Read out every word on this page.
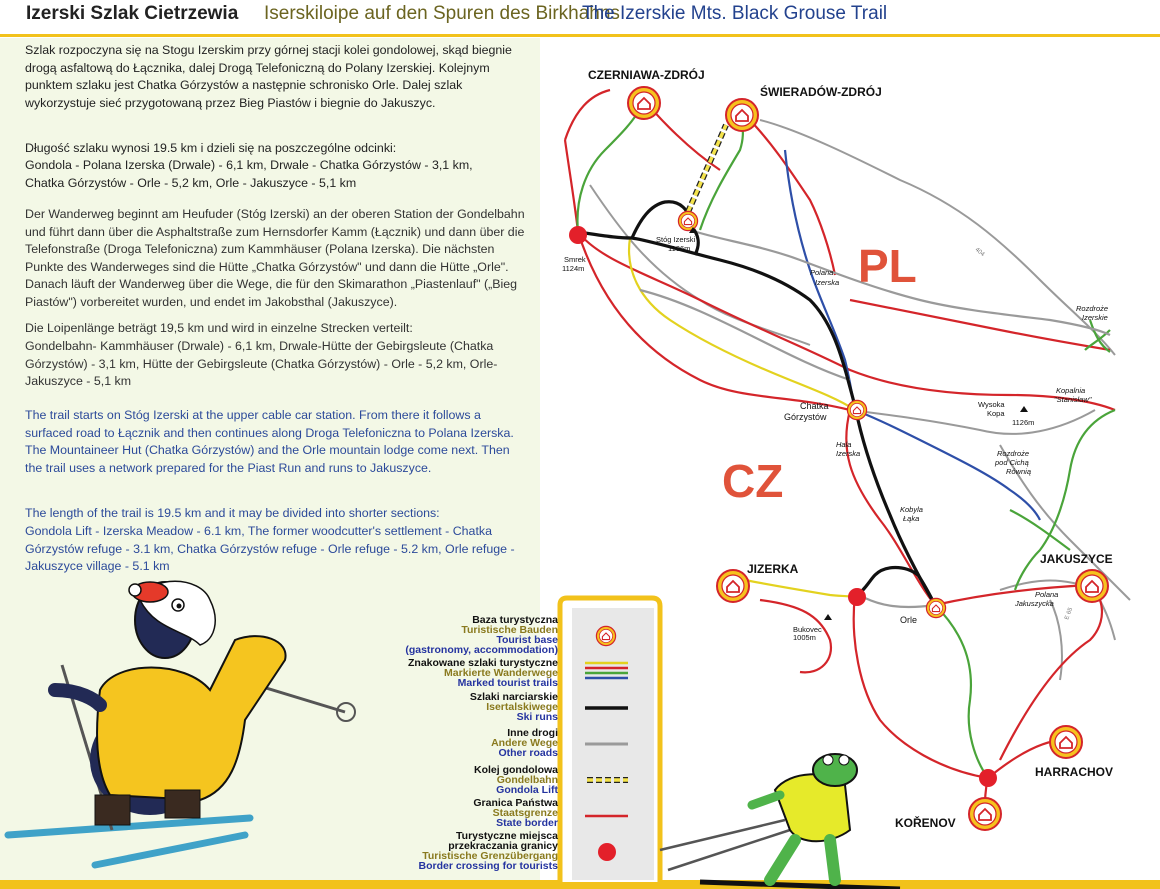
Izerski Szlak Cietrzewia Iserskiloipe auf den Spuren des Birkhahns
The Izerskie Mts. Black Grouse Trail

Szlak rozpoczyna się na Stogu Izerskim przy górnej stacji kolei gondolowej, skąd biegnie drogą asfaltową do Łącznika, dalej Drogą Telefoniczną do Polany Izerskiej. Kolejnym punktem szlaku jest Chatka Górzystów a następnie schronisko Orle. Dalej szlak wykorzystuje sieć przygotowaną przez Bieg Piastów i biegnie do Jakuszyc.

Długość szlaku wynosi 19.5 km i dzieli się na poszczególne odcinki:

Gondola - Polana Izerska (Drwale) - 6,1 km, Drwale - Chatka Górzystów - 3,1 km,

Chatka Górzystów - Orle - 5,2 km, Orle - Jakuszyce - 5,1 km

Der Wanderweg beginnt am Heufuder (Stóg Izerski) an der oberen Station der Gondelbahn und führt dann über die Asphaltstraße zum Hernsdorfer Kamm (Łącznik) und dann über die Telefonstraße (Droga Telefoniczna) zum Kammhäuser (Polana Izerska). Die nächsten Punkte des Wanderweges sind die Hütte „Chatka Górzystów" und dann die Hütte „Orle". Danach läuft der Wanderweg über die Wege, die für den Skimarathon „Piastenlauf" („Bieg Piastów") vorbereitet wurden, und endet im Jakobsthal (Jakuszyce).

Die Loipenlänge beträgt 19,5 km und wird in einzelne Strecken verteilt:

Gondelbahn- Kammhäuser (Drwale) - 6,1 km, Drwale-Hütte der Gebirgsleute (Chatka Górzystów) - 3,1 km, Hütte der Gebirgsleute (Chatka Górzystów) - Orle - 5,2 km, Orle-Jakuszyce - 5,1 km

The trail starts on Stóg Izerski at the upper cable car station. From there it follows a surfaced road to Łącznik and then continues along Droga Telefoniczna to Polana Izerska. The Mountaineer Hut (Chatka Górzystów) and the Orle mountain lodge come next. Then the trail uses a network prepared for the Piast Run and runs to Jakuszyce.

The length of the trail is 19.5 km and it may be divided into shorter sections:

Gondola Lift - Izerska Meadow - 6.1 km, The former woodcutter's settlement - Chatka Górzystów refuge - 3.1 km, Chatka Górzystów refuge - Orle refuge - 5.2 km, Orle refuge - Jakuszyce village - 5.1 km

PL
CZ
CZERNIAWA-ZDRÓJ
ŚWIERADÓW-ZDRÓJ
JIZERKA
JAKUSZYCE
HARRACHOV
KOŘENOV
Smrek
1124m
Stóg Izerski
1106m
Wysoka
Kopa
1126m
Chatka
Górzystów
Bukovec
1005m
Orle
Polana
Izerska
Rozdroże
Izerskie
Kopalnia
"Stanisław"
Hala
Izerska	Rozdroże
pod Cichą
Równią
Kobyla
Łąka
Polana
Jakuszycka
404
E 65
Baza turystyczna
Turistische Bauden
Tourist base
(gastronomy, accommodation)
Znakowane szlaki turystyczne
Markierte Wanderwege
Marked tourist trails
Szlaki narciarskie
Isertalskiwege
Ski runs
Inne drogi
Andere Wege
Other roads
Kolej gondolowa
Gondelbahn
Gondola Lift
Granica Państwa
Staatsgrenze
State border
Turystyczne miejsca
przekraczania granicy
Turistische Grenzübergang
Border crossing for tourists
